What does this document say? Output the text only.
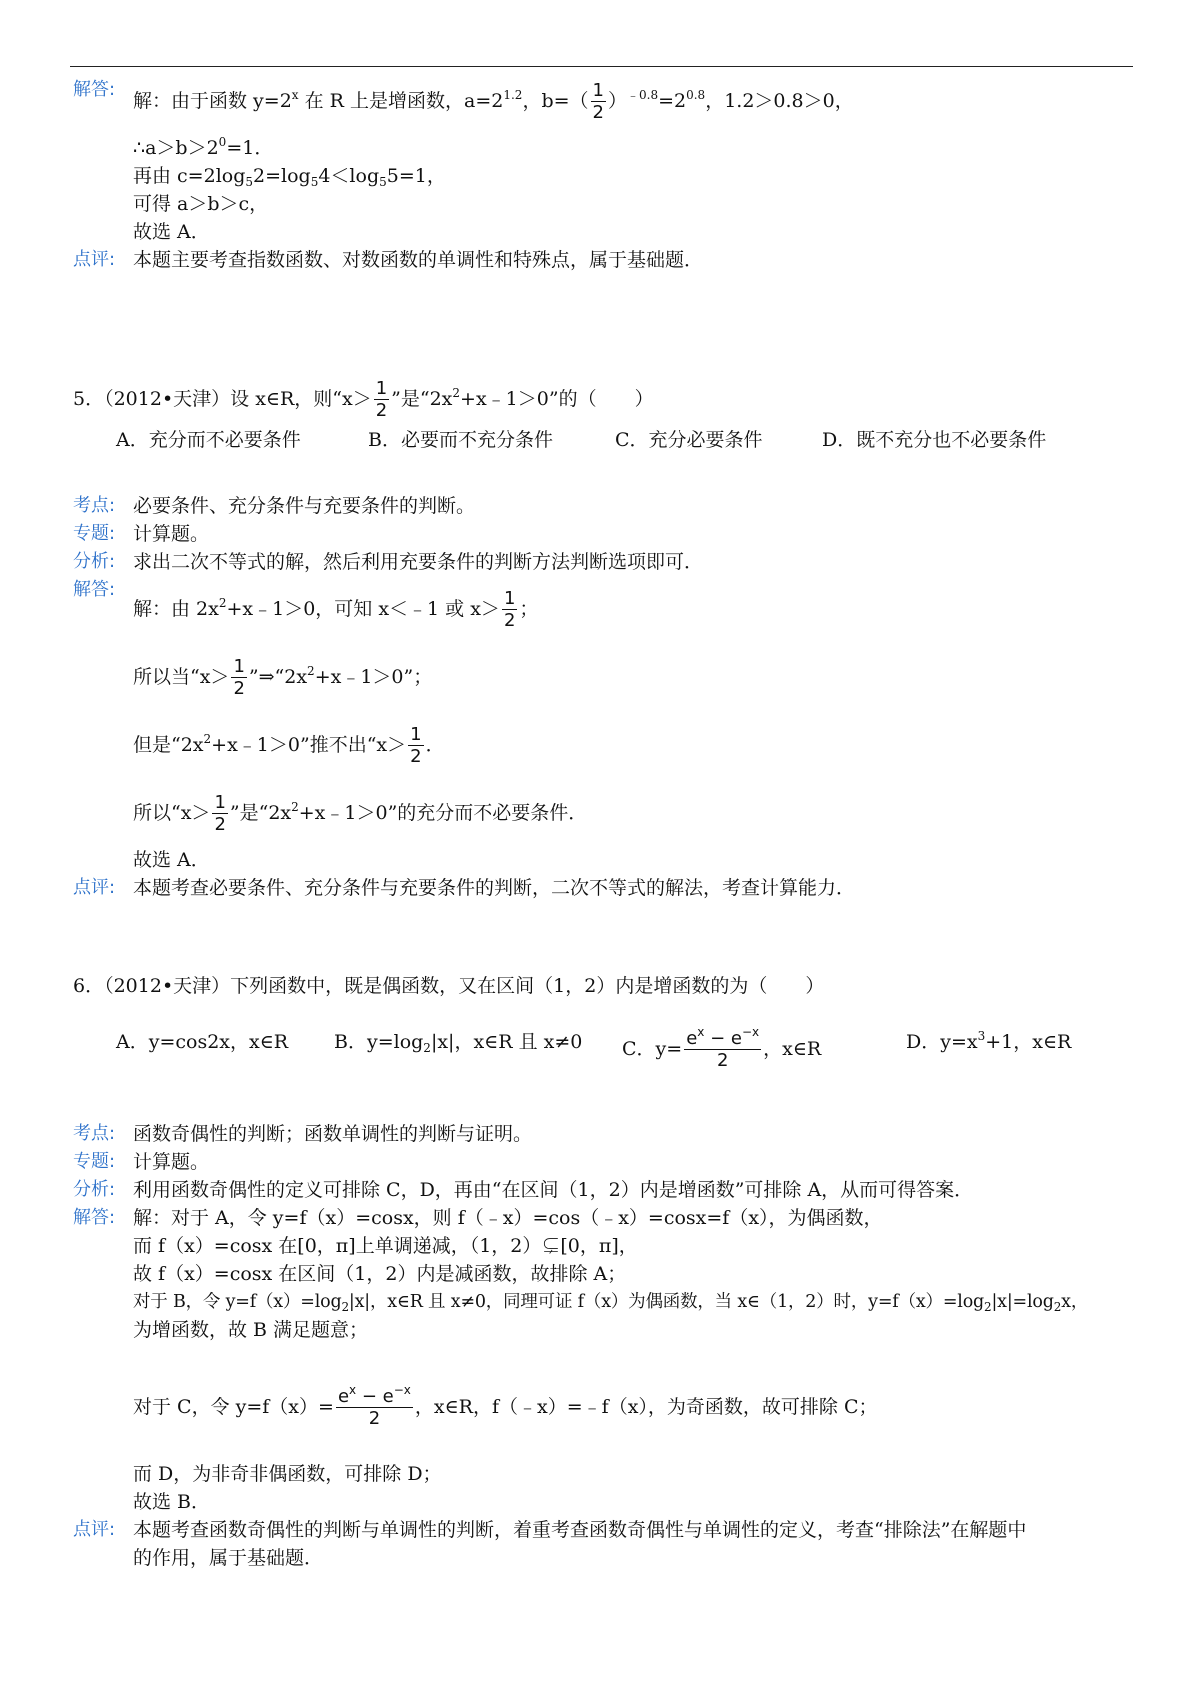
解答:
解：由于函数 $y=2^x$ 在 R 上是增函数，$a=2^{1.2}$，$b=( \frac{1}{2} )^{﹣0.8}=2^{0.8}$，1.2＞0.8＞0，
$\therefore a>b>2^0=1$．
再由 $c=2\log_52=\log_54<\log_55=1$，
可得 a＞b＞c，
故选 A．
点评: 本题主要考查指数函数、对数函数的单调性和特殊点，属于基础题．
5．（2012•天津）设 x∈R，则“$x> \frac{1}{2}$ ”是“$2x^2+x﹣1>0$”的（　　）
A．充分而不必要条件	B．必要而不充分条件	C．充分必要条件	D．既不充分也不必要条件
考点: 必要条件、充分条件与充要条件的判断。
专题: 计算题。
分析: 求出二次不等式的解，然后利用充要条件的判断方法判断选项即可．
解答:
解：由 $2x^2+x﹣1>0$，可知 x＜﹣1 或 $x> \frac{1}{2}$ ；
所以当“$x> \frac{1}{2}$ $”\Rightarrow“2x^2+x﹣1>0$”；
但是“$2x^2+x﹣1>0$”推不出“$x> \frac{1}{2}$ ．
所以“$x> \frac{1}{2}$ ”是“$2x^2+x﹣1>0$”的充分而不必要条件．
故选 A．
点评: 本题考查必要条件、充分条件与充要条件的判断，二次不等式的解法，考查计算能力．
6．（2012•天津）下列函数中，既是偶函数，又在区间（1，2）内是增函数的为（　　）
A．y=cos2x，x∈R B．$y=\log_2|x|$，x∈R 且 x≠0 C．$y= \frac{e^x - e^{-x}}{2}$ ，x∈R	D．$y=x^3+1$，x∈R
考点: 函数奇偶性的判断；函数单调性的判断与证明。
专题: 计算题。
分析: 利用函数奇偶性的定义可排除 C，D，再由“在区间（1，2）内是增函数”可排除 A，从而可得答案．
解答: 解：对于 A，令 y=f（x）=cosx，则 f（﹣x）=cos（﹣x）=cosx=f（x），为偶函数，
而 f（x）=cosx 在[0，π]上单调递减，（1，2）⊊[0，π]，
故 f（x）=cosx 在区间（1，2）内是减函数，故排除 A；
对于 B，令 $y=f(x)=\log_2|x|$，x∈R 且 x≠0，同理可证 f（x）为偶函数，当 x∈（1，2）时，$y=f(x)=\log_2|x|=\log_2x$，
为增函数，故 B 满足题意；
对于 C，令 $y=f(x)= \frac{e^x - e^{-x}}{2}$ ，x∈R，f（﹣x）=﹣f（x），为奇函数，故可排除 C；
而 D，为非奇非偶函数，可排除 D；
故选 B．
点评: 本题考查函数奇偶性的判断与单调性的判断，着重考查函数奇偶性与单调性的定义，考查“排除法”在解题中
的作用，属于基础题．
